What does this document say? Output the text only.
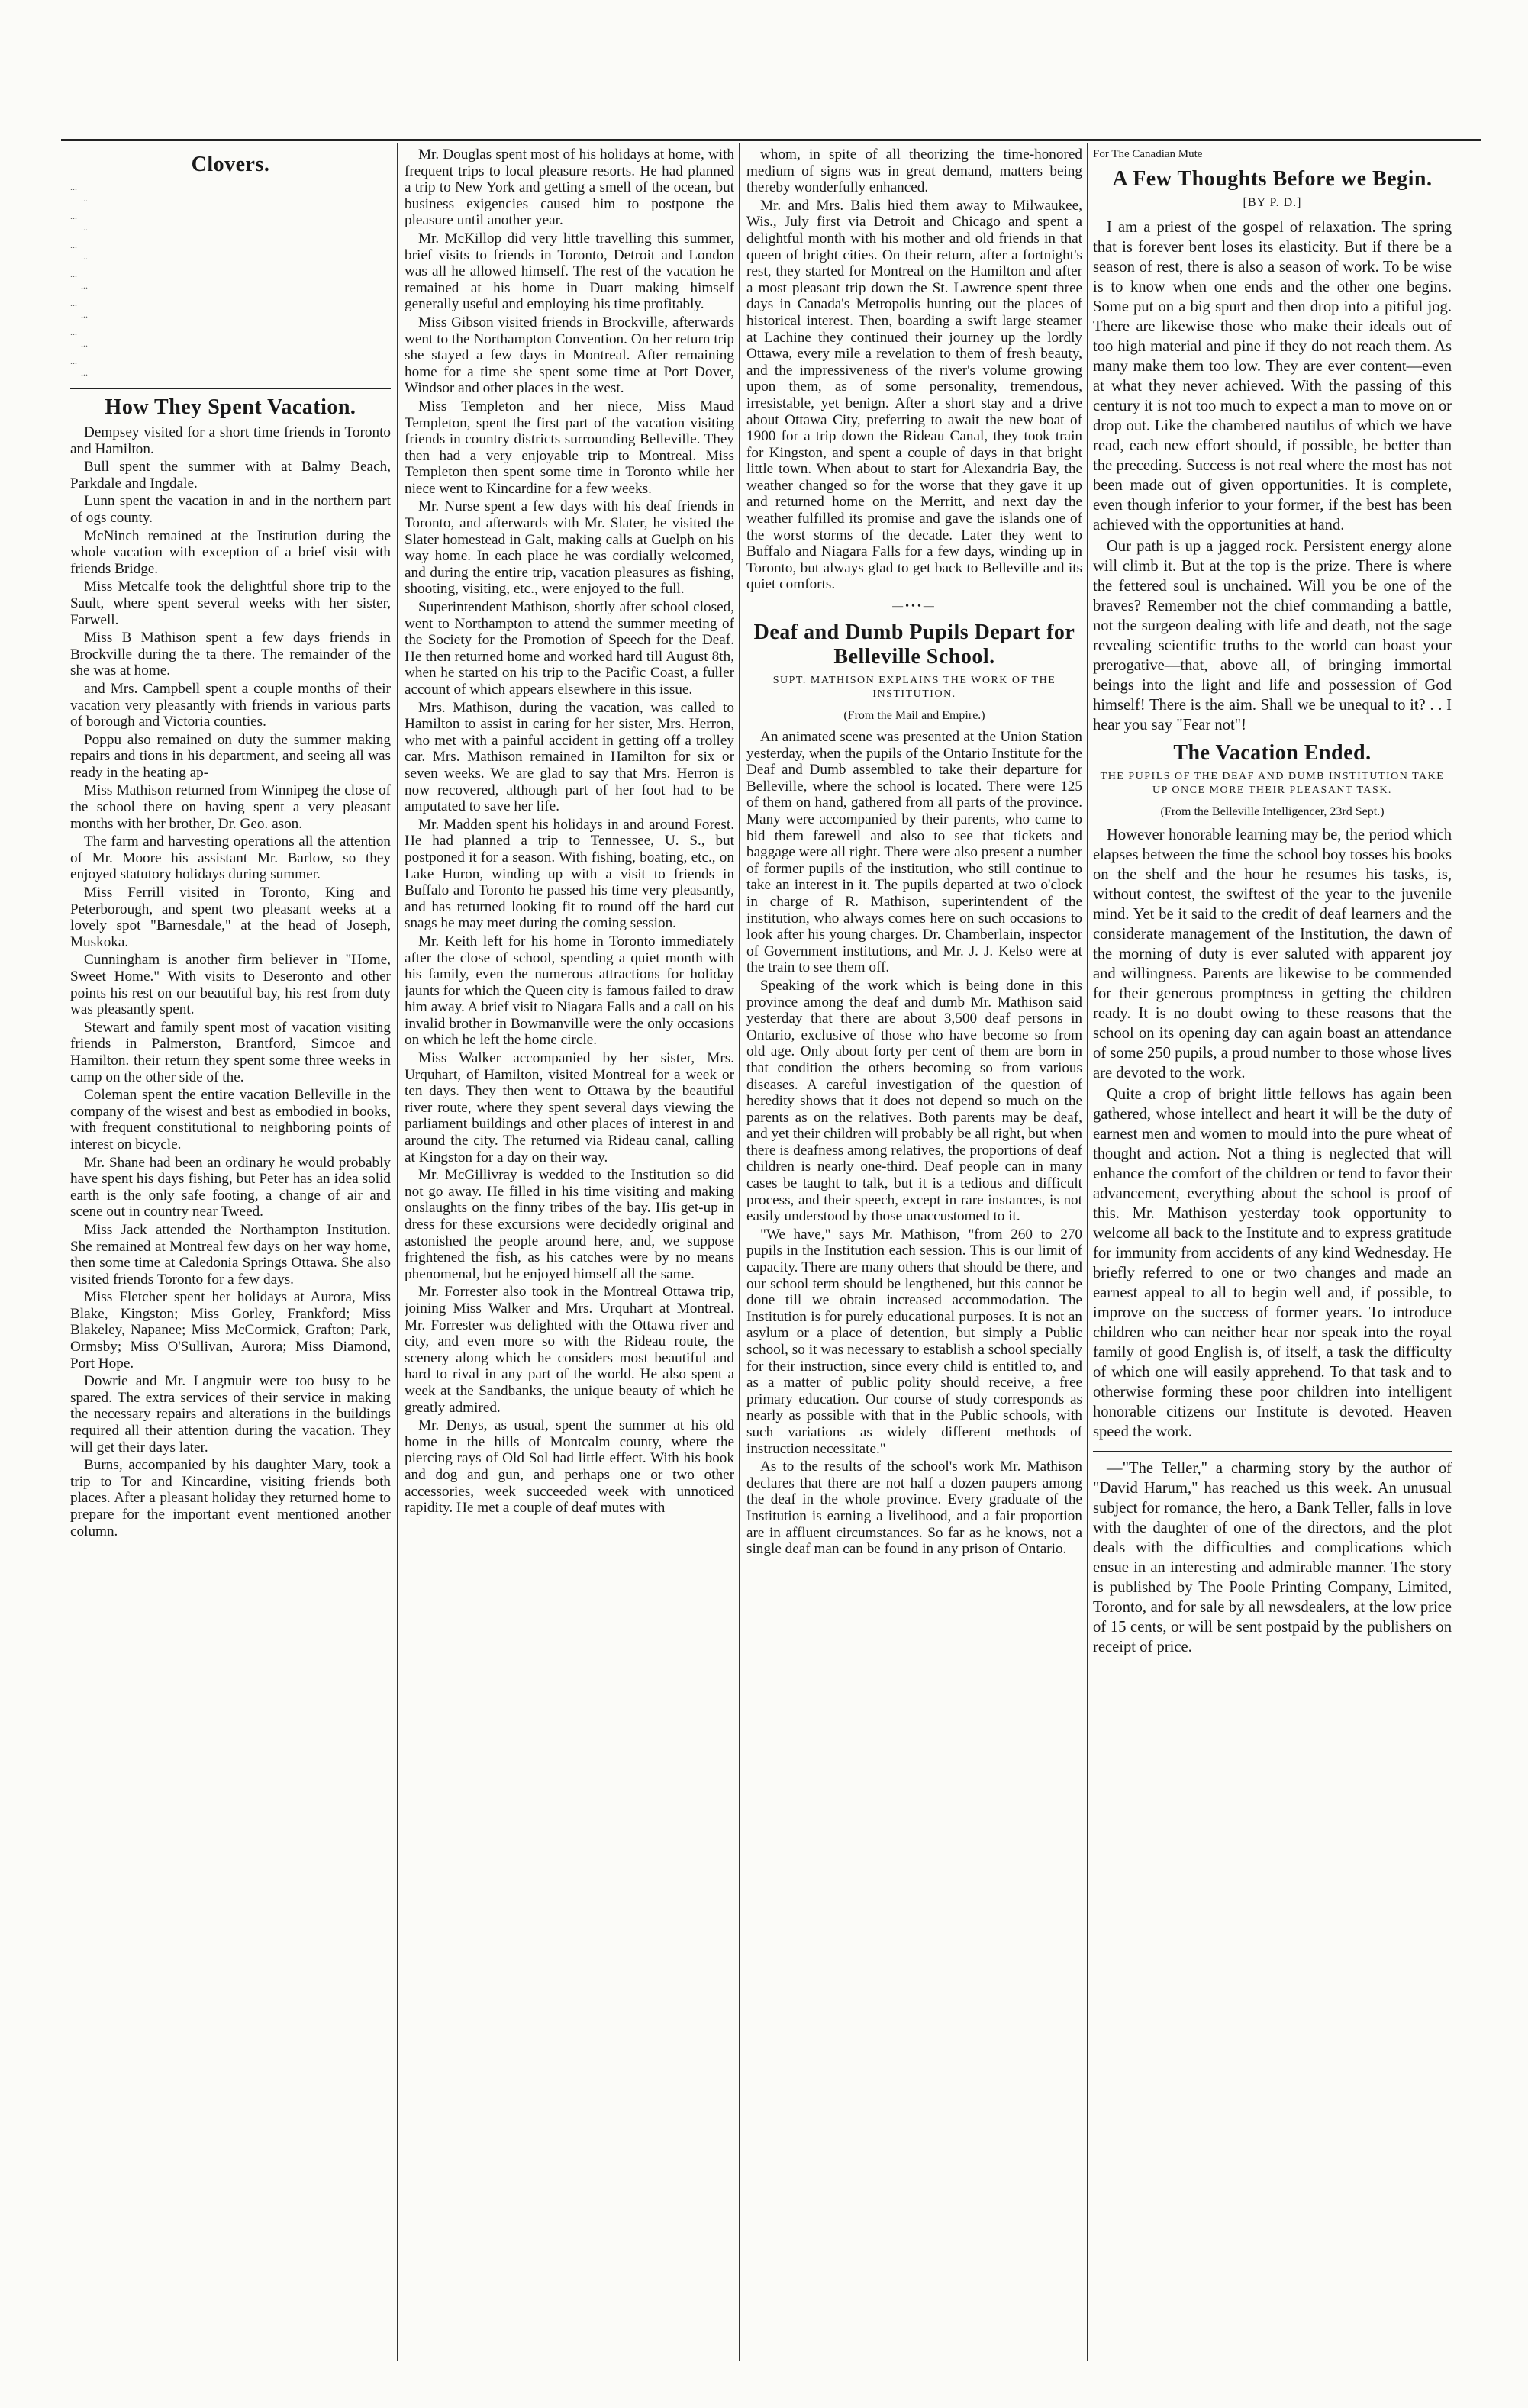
Clovers.

...
...

...
...

...
...

...
...

...
...

...
...

...
...

How They Spent Vacation.

Dempsey visited for a short time friends in Toronto and Hamilton.

Bull spent the summer with at Balmy Beach, Parkdale and Ingdale.

Lunn spent the vacation in and in the northern part of ogs county.

McNinch remained at the Institution during the whole vacation with exception of a brief visit with friends Bridge.

Miss Metcalfe took the delightful shore trip to the Sault, where spent several weeks with her sister, Farwell.

Miss B Mathison spent a few days friends in Brockville during the ta there. The remainder of the she was at home.

and Mrs. Campbell spent a couple months of their vacation very pleasantly with friends in various parts of borough and Victoria counties.

Poppu also remained on duty the summer making repairs and tions in his department, and seeing all was ready in the heating ap-

Miss Mathison returned from Winnipeg the close of the school there on having spent a very pleasant months with her brother, Dr. Geo. ason.

The farm and harvesting operations all the attention of Mr. Moore his assistant Mr. Barlow, so they enjoyed statutory holidays during summer.

Miss Ferrill visited in Toronto, King and Peterborough, and spent two pleasant weeks at a lovely spot "Barnesdale," at the head of Joseph, Muskoka.

Cunningham is another firm believer in "Home, Sweet Home." With visits to Deseronto and other points his rest on our beautiful bay, his rest from duty was pleasantly spent.

Stewart and family spent most of vacation visiting friends in Palmerston, Brantford, Simcoe and Hamilton. their return they spent some three weeks in camp on the other side of the.

Coleman spent the entire vacation Belleville in the company of the wisest and best as embodied in books, with frequent constitutional to neighboring points of interest on bicycle.

Mr. Shane had been an ordinary he would probably have spent his days fishing, but Peter has an idea solid earth is the only safe footing, a change of air and scene out in country near Tweed.

Miss Jack attended the Northampton Institution. She remained at Montreal few days on her way home, then some time at Caledonia Springs Ottawa. She also visited friends Toronto for a few days.

Miss Fletcher spent her holidays at Aurora, Miss Blake, Kingston; Miss Gorley, Frankford; Miss Blakeley, Napanee; Miss McCormick, Grafton; Park, Ormsby; Miss O'Sullivan, Aurora; Miss Diamond, Port Hope.

Dowrie and Mr. Langmuir were too busy to be spared. The extra services of their service in making the necessary repairs and alterations in the buildings required all their attention during the vacation. They will get their days later.

Burns, accompanied by his daughter Mary, took a trip to Tor and Kincardine, visiting friends both places. After a pleasant holiday they returned home to prepare for the important event mentioned another column.

Mr. Douglas spent most of his holidays at home, with frequent trips to local pleasure resorts. He had planned a trip to New York and getting a smell of the ocean, but business exigencies caused him to postpone the pleasure until another year.

Mr. McKillop did very little travelling this summer, brief visits to friends in Toronto, Detroit and London was all he allowed himself. The rest of the vacation he remained at his home in Duart making himself generally useful and employing his time profitably.

Miss Gibson visited friends in Brockville, afterwards went to the Northampton Convention. On her return trip she stayed a few days in Montreal. After remaining home for a time she spent some time at Port Dover, Windsor and other places in the west.

Miss Templeton and her niece, Miss Maud Templeton, spent the first part of the vacation visiting friends in country districts surrounding Belleville. They then had a very enjoyable trip to Montreal. Miss Templeton then spent some time in Toronto while her niece went to Kincardine for a few weeks.

Mr. Nurse spent a few days with his deaf friends in Toronto, and afterwards with Mr. Slater, he visited the Slater homestead in Galt, making calls at Guelph on his way home. In each place he was cordially welcomed, and during the entire trip, vacation pleasures as fishing, shooting, visiting, etc., were enjoyed to the full.

Superintendent Mathison, shortly after school closed, went to Northampton to attend the summer meeting of the Society for the Promotion of Speech for the Deaf. He then returned home and worked hard till August 8th, when he started on his trip to the Pacific Coast, a fuller account of which appears elsewhere in this issue.

Mrs. Mathison, during the vacation, was called to Hamilton to assist in caring for her sister, Mrs. Herron, who met with a painful accident in getting off a trolley car. Mrs. Mathison remained in Hamilton for six or seven weeks. We are glad to say that Mrs. Herron is now recovered, although part of her foot had to be amputated to save her life.

Mr. Madden spent his holidays in and around Forest. He had planned a trip to Tennessee, U. S., but postponed it for a season. With fishing, boating, etc., on Lake Huron, winding up with a visit to friends in Buffalo and Toronto he passed his time very pleasantly, and has returned looking fit to round off the hard cut snags he may meet during the coming session.

Mr. Keith left for his home in Toronto immediately after the close of school, spending a quiet month with his family, even the numerous attractions for holiday jaunts for which the Queen city is famous failed to draw him away. A brief visit to Niagara Falls and a call on his invalid brother in Bowmanville were the only occasions on which he left the home circle.

Miss Walker accompanied by her sister, Mrs. Urquhart, of Hamilton, visited Montreal for a week or ten days. They then went to Ottawa by the beautiful river route, where they spent several days viewing the parliament buildings and other places of interest in and around the city. The returned via Rideau canal, calling at Kingston for a day on their way.

Mr. McGillivray is wedded to the Institution so did not go away. He filled in his time visiting and making onslaughts on the finny tribes of the bay. His get-up in dress for these excursions were decidedly original and astonished the people around here, and, we suppose frightened the fish, as his catches were by no means phenomenal, but he enjoyed himself all the same.

Mr. Forrester also took in the Montreal Ottawa trip, joining Miss Walker and Mrs. Urquhart at Montreal. Mr. Forrester was delighted with the Ottawa river and city, and even more so with the Rideau route, the scenery along which he considers most beautiful and hard to rival in any part of the world. He also spent a week at the Sandbanks, the unique beauty of which he greatly admired.

Mr. Denys, as usual, spent the summer at his old home in the hills of Montcalm county, where the piercing rays of Old Sol had little effect. With his book and dog and gun, and perhaps one or two other accessories, week succeeded week with unnoticed rapidity. He met a couple of deaf mutes with

whom, in spite of all theorizing the time-honored medium of signs was in great demand, matters being thereby wonderfully enhanced.

Mr. and Mrs. Balis hied them away to Milwaukee, Wis., July first via Detroit and Chicago and spent a delightful month with his mother and old friends in that queen of bright cities. On their return, after a fortnight's rest, they started for Montreal on the Hamilton and after a most pleasant trip down the St. Lawrence spent three days in Canada's Metropolis hunting out the places of historical interest. Then, boarding a swift large steamer at Lachine they continued their journey up the lordly Ottawa, every mile a revelation to them of fresh beauty, and the impressiveness of the river's volume growing upon them, as of some personality, tremendous, irresistable, yet benign. After a short stay and a drive about Ottawa City, preferring to await the new boat of 1900 for a trip down the Rideau Canal, they took train for Kingston, and spent a couple of days in that bright little town. When about to start for Alexandria Bay, the weather changed so for the worse that they gave it up and returned home on the Merritt, and next day the weather fulfilled its promise and gave the islands one of the worst storms of the decade. Later they went to Buffalo and Niagara Falls for a few days, winding up in Toronto, but always glad to get back to Belleville and its quiet comforts.

—•••—
Deaf and Dumb Pupils Depart for Belleville School.
SUPT. MATHISON EXPLAINS THE WORK OF THE INSTITUTION.
(From the Mail and Empire.)

An animated scene was presented at the Union Station yesterday, when the pupils of the Ontario Institute for the Deaf and Dumb assembled to take their departure for Belleville, where the school is located. There were 125 of them on hand, gathered from all parts of the province. Many were accompanied by their parents, who came to bid them farewell and also to see that tickets and baggage were all right. There were also present a number of former pupils of the institution, who still continue to take an interest in it. The pupils departed at two o'clock in charge of R. Mathison, superintendent of the institution, who always comes here on such occasions to look after his young charges. Dr. Chamberlain, inspector of Government institutions, and Mr. J. J. Kelso were at the train to see them off.

Speaking of the work which is being done in this province among the deaf and dumb Mr. Mathison said yesterday that there are about 3,500 deaf persons in Ontario, exclusive of those who have become so from old age. Only about forty per cent of them are born in that condition the others becoming so from various diseases. A careful investigation of the question of heredity shows that it does not depend so much on the parents as on the relatives. Both parents may be deaf, and yet their children will probably be all right, but when there is deafness among relatives, the proportions of deaf children is nearly one-third. Deaf people can in many cases be taught to talk, but it is a tedious and difficult process, and their speech, except in rare instances, is not easily understood by those unaccustomed to it.

"We have," says Mr. Mathison, "from 260 to 270 pupils in the Institution each session. This is our limit of capacity. There are many others that should be there, and our school term should be lengthened, but this cannot be done till we obtain increased accommodation. The Institution is for purely educational purposes. It is not an asylum or a place of detention, but simply a Public school, so it was necessary to establish a school specially for their instruction, since every child is entitled to, and as a matter of public polity should receive, a free primary education. Our course of study corresponds as nearly as possible with that in the Public schools, with such variations as widely different methods of instruction necessitate."

As to the results of the school's work Mr. Mathison declares that there are not half a dozen paupers among the deaf in the whole province. Every graduate of the Institution is earning a livelihood, and a fair proportion are in affluent circumstances. So far as he knows, not a single deaf man can be found in any prison of Ontario.

For The Canadian Mute
A Few Thoughts Before we Begin.
[BY P. D.]

I am a priest of the gospel of relaxation. The spring that is forever bent loses its elasticity. But if there be a season of rest, there is also a season of work. To be wise is to know when one ends and the other one begins. Some put on a big spurt and then drop into a pitiful jog. There are likewise those who make their ideals out of too high material and pine if they do not reach them. As many make them too low. They are ever content—even at what they never achieved. With the passing of this century it is not too much to expect a man to move on or drop out. Like the chambered nautilus of which we have read, each new effort should, if possible, be better than the preceding. Success is not real where the most has not been made out of given opportunities. It is complete, even though inferior to your former, if the best has been achieved with the opportunities at hand.

Our path is up a jagged rock. Persistent energy alone will climb it. But at the top is the prize. There is where the fettered soul is unchained. Will you be one of the braves? Remember not the chief commanding a battle, not the surgeon dealing with life and death, not the sage revealing scientific truths to the world can boast your prerogative—that, above all, of bringing immortal beings into the light and life and possession of God himself! There is the aim. Shall we be unequal to it? . . I hear you say "Fear not"!

The Vacation Ended.
THE PUPILS OF THE DEAF AND DUMB INSTITUTION TAKE UP ONCE MORE THEIR PLEASANT TASK.
(From the Belleville Intelligencer, 23rd Sept.)

However honorable learning may be, the period which elapses between the time the school boy tosses his books on the shelf and the hour he resumes his tasks, is, without contest, the swiftest of the year to the juvenile mind. Yet be it said to the credit of deaf learners and the considerate management of the Institution, the dawn of the morning of duty is ever saluted with apparent joy and willingness. Parents are likewise to be commended for their generous promptness in getting the children ready. It is no doubt owing to these reasons that the school on its opening day can again boast an attendance of some 250 pupils, a proud number to those whose lives are devoted to the work.

Quite a crop of bright little fellows has again been gathered, whose intellect and heart it will be the duty of earnest men and women to mould into the pure wheat of thought and action. Not a thing is neglected that will enhance the comfort of the children or tend to favor their advancement, everything about the school is proof of this. Mr. Mathison yesterday took opportunity to welcome all back to the Institute and to express gratitude for immunity from accidents of any kind Wednesday. He briefly referred to one or two changes and made an earnest appeal to all to begin well and, if possible, to improve on the success of former years. To introduce children who can neither hear nor speak into the royal family of good English is, of itself, a task the difficulty of which one will easily apprehend. To that task and to otherwise forming these poor children into intelligent honorable citizens our Institute is devoted. Heaven speed the work.

—"The Teller," a charming story by the author of "David Harum," has reached us this week. An unusual subject for romance, the hero, a Bank Teller, falls in love with the daughter of one of the directors, and the plot deals with the difficulties and complications which ensue in an interesting and admirable manner. The story is published by The Poole Printing Company, Limited, Toronto, and for sale by all newsdealers, at the low price of 15 cents, or will be sent postpaid by the publishers on receipt of price.
